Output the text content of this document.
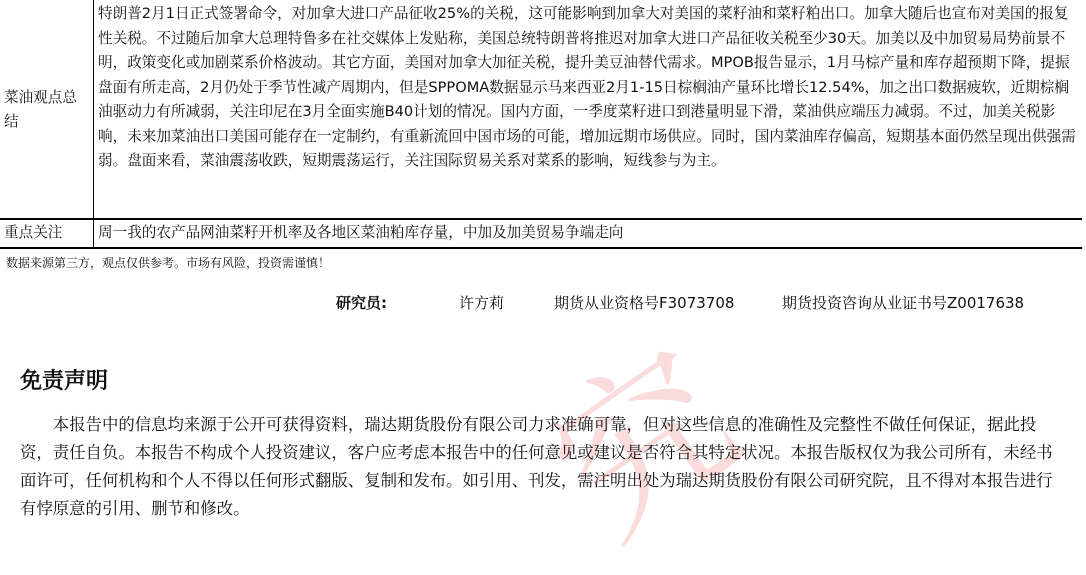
究
菜油观点总结	特朗普2月1日正式签署命令，对加拿大进口产品征收25%的关税，这可能影响到加拿大对美国的菜籽油和菜籽粕出口。加拿大随后也宣布对美国的报复性关税。不过随后加拿大总理特鲁多在社交媒体上发贴称，美国总统特朗普将推迟对加拿大进口产品征收关税至少30天。加美以及中加贸易局势前景不明，政策变化或加剧菜系价格波动。其它方面，美国对加拿大加征关税，提升美豆油替代需求。MPOB报告显示，1月马棕产量和库存超预期下降，提振盘面有所走高，2月仍处于季节性减产周期内，但是SPPOMA数据显示马来西亚2月1-15日棕榈油产量环比增长12.54%，加之出口数据疲软，近期棕榈油驱动力有所减弱，关注印尼在3月全面实施B40计划的情况。国内方面，一季度菜籽进口到港量明显下滑，菜油供应端压力减弱。不过，加美关税影响，未来加菜油出口美国可能存在一定制约，有重新流回中国市场的可能，增加远期市场供应。同时，国内菜油库存偏高，短期基本面仍然呈现出供强需弱。盘面来看，菜油震荡收跌，短期震荡运行，关注国际贸易关系对菜系的影响，短线参与为主。
重点关注	周一我的农产品网油菜籽开机率及各地区菜油粕库存量，中加及加美贸易争端走向
数据来源第三方，观点仅供参考。市场有风险，投资需谨慎！
研究员:	许方莉	期货从业资格号F3073708	期货投资咨询从业证书号Z0017638
免责声明

本报告中的信息均来源于公开可获得资料，瑞达期货股份有限公司力求准确可靠，但对这些信息的准确性及完整性不做任何保证，据此投资，责任自负。本报告不构成个人投资建议，客户应考虑本报告中的任何意见或建议是否符合其特定状况。本报告版权仅为我公司所有，未经书面许可，任何机构和个人不得以任何形式翻版、复制和发布。如引用、刊发，需注明出处为瑞达期货股份有限公司研究院，且不得对本报告进行有悖原意的引用、删节和修改。
